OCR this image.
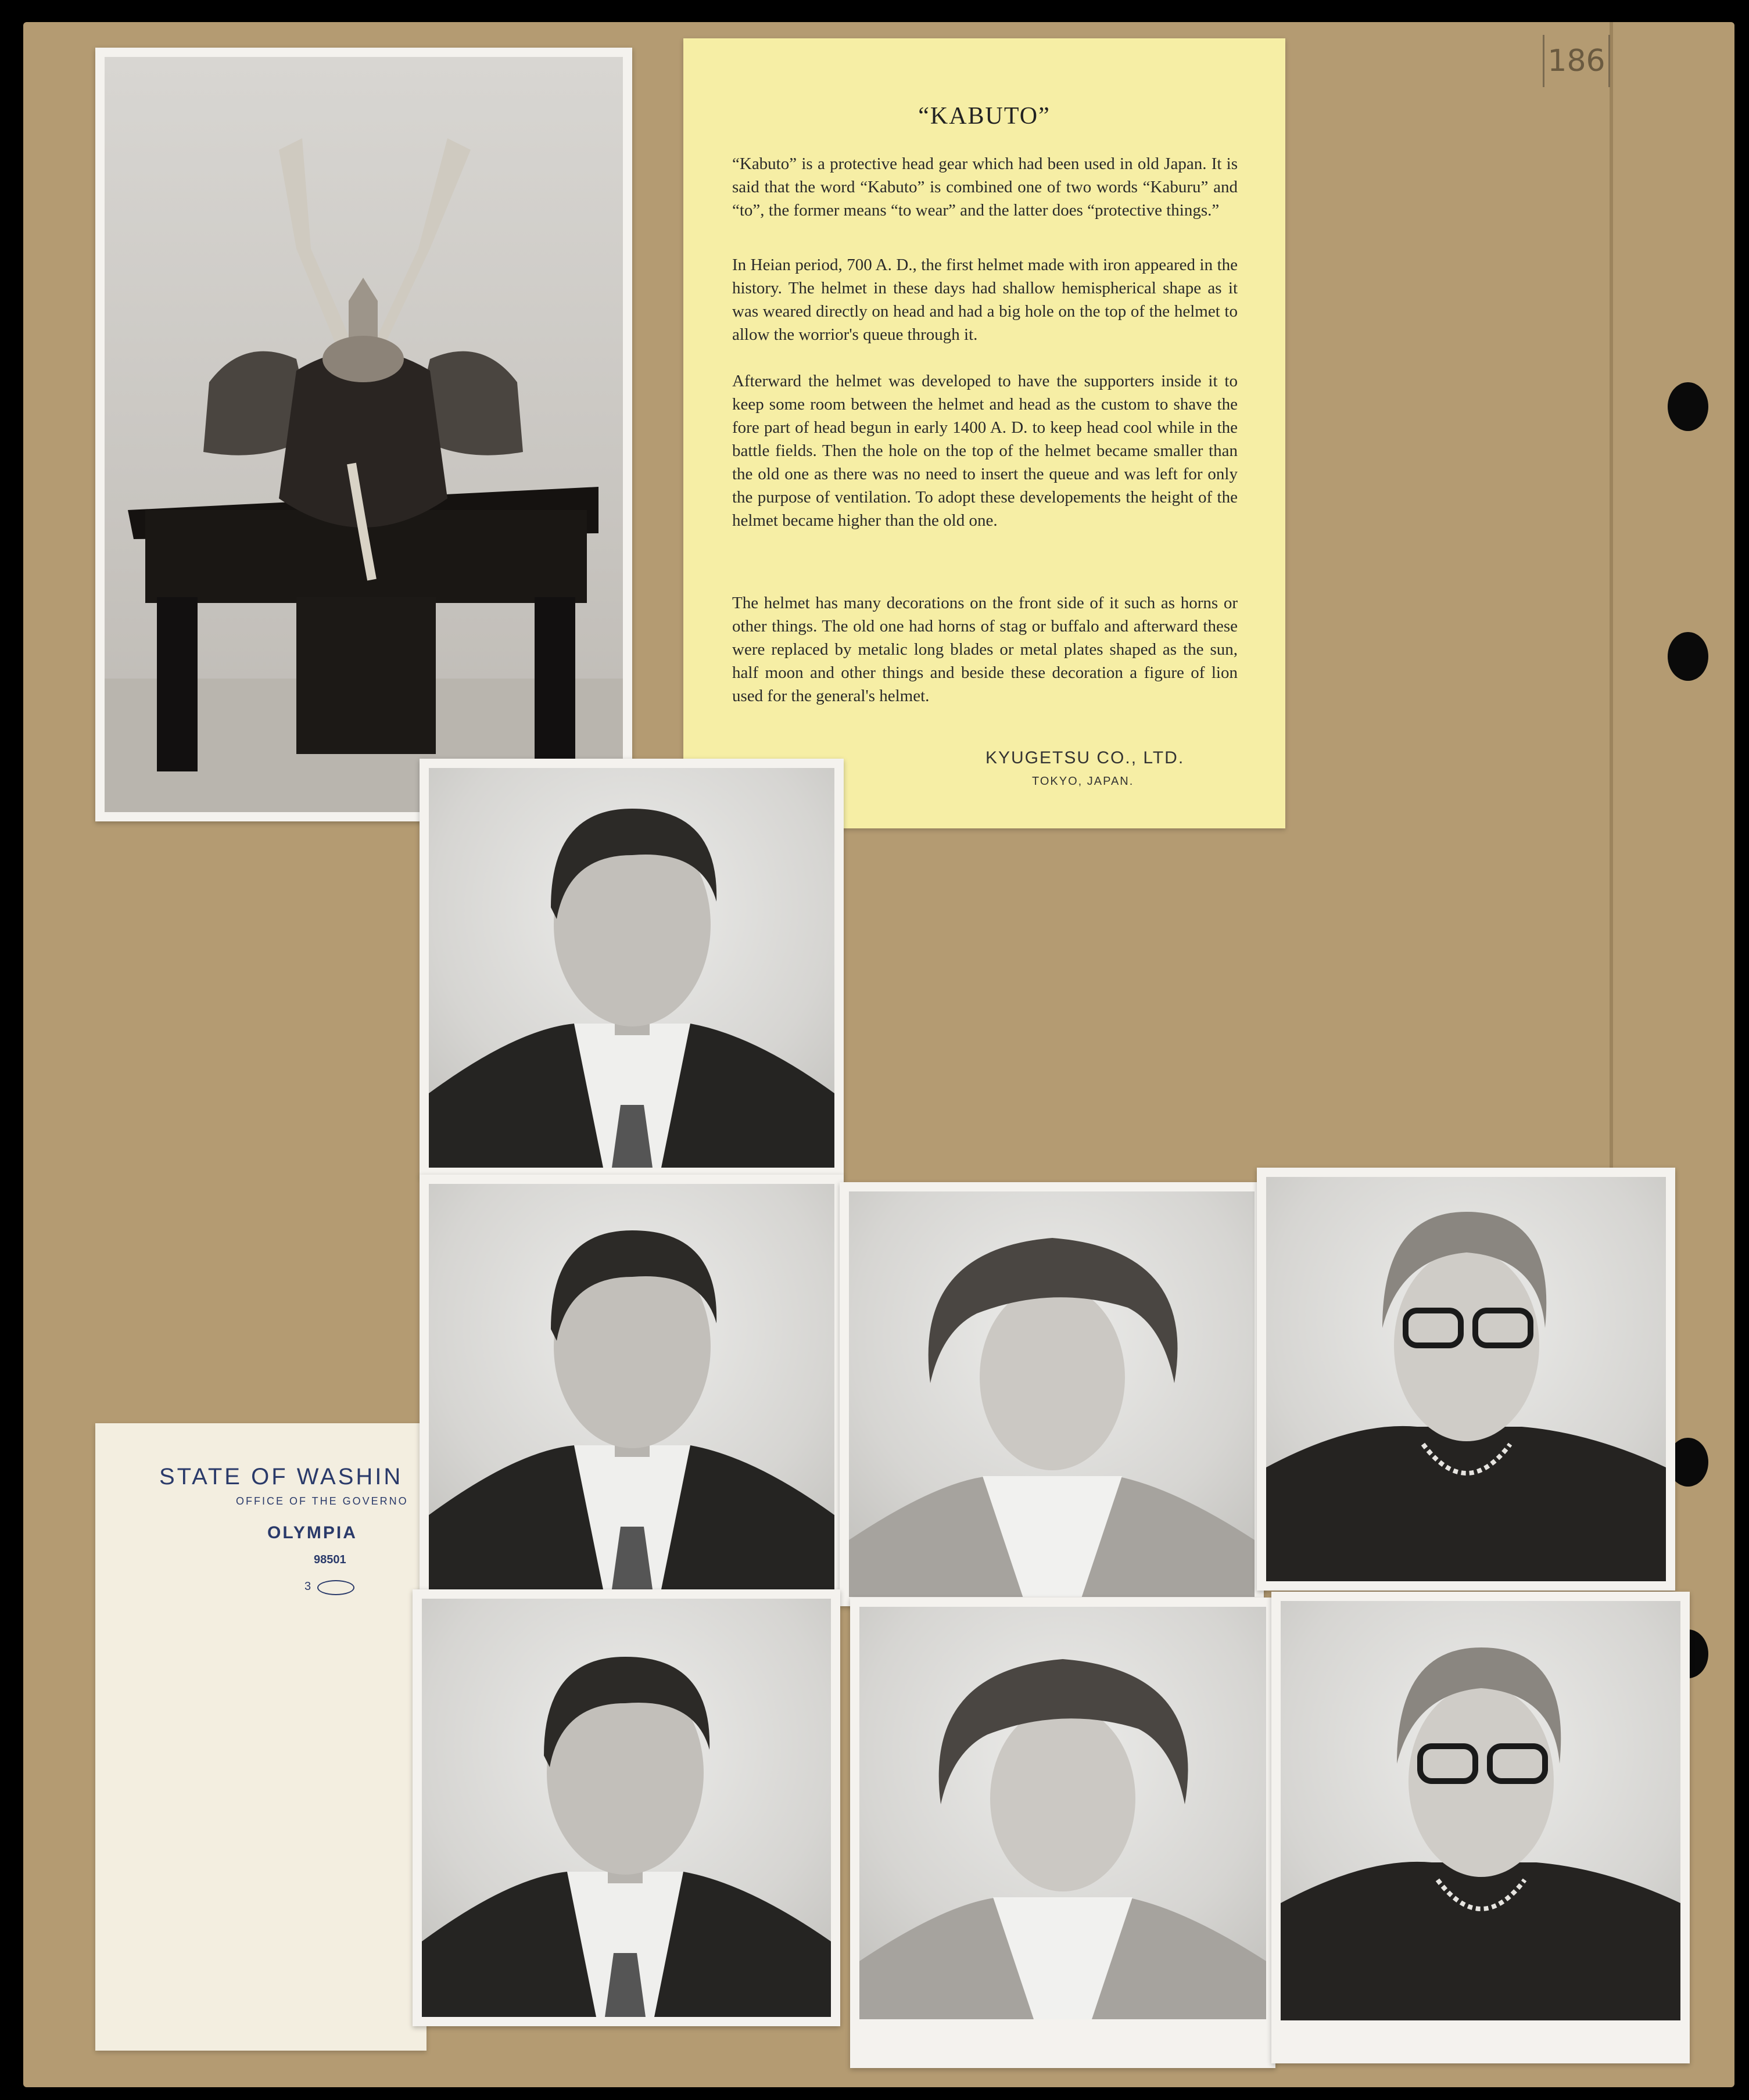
186
“KABUTO”

“Kabuto” is a protective head gear which had been used in old Japan. It is said that the word “Kabuto” is combined one of two words “Kaburu” and “to”, the former means “to wear” and the latter does “protective things.”

In Heian period, 700 A. D., the first helmet made with iron appeared in the history. The helmet in these days had shallow hemispherical shape as it was weared directly on head and had a big hole on the top of the helmet to allow the worrior's queue through it.

Afterward the helmet was developed to have the supporters inside it to keep some room between the helmet and head as the custom to shave the fore part of head begun in early 1400 A. D. to keep head cool while in the battle fields. Then the hole on the top of the helmet became smaller than the old one as there was no need to insert the queue and was left for only the purpose of ventilation. To adopt these developements the height of the helmet became higher than the old one.

The helmet has many decorations on the front side of it such as horns or other things. The old one had horns of stag or buffalo and afterward these were replaced by metalic long blades or metal plates shaped as the sun, half moon and other things and beside these decoration a figure of lion used for the general's helmet.

KYUGETSU CO., LTD.
TOKYO, JAPAN.
STATE OF WASHIN
OFFICE OF THE GOVERNO
OLYMPIA
98501
3
